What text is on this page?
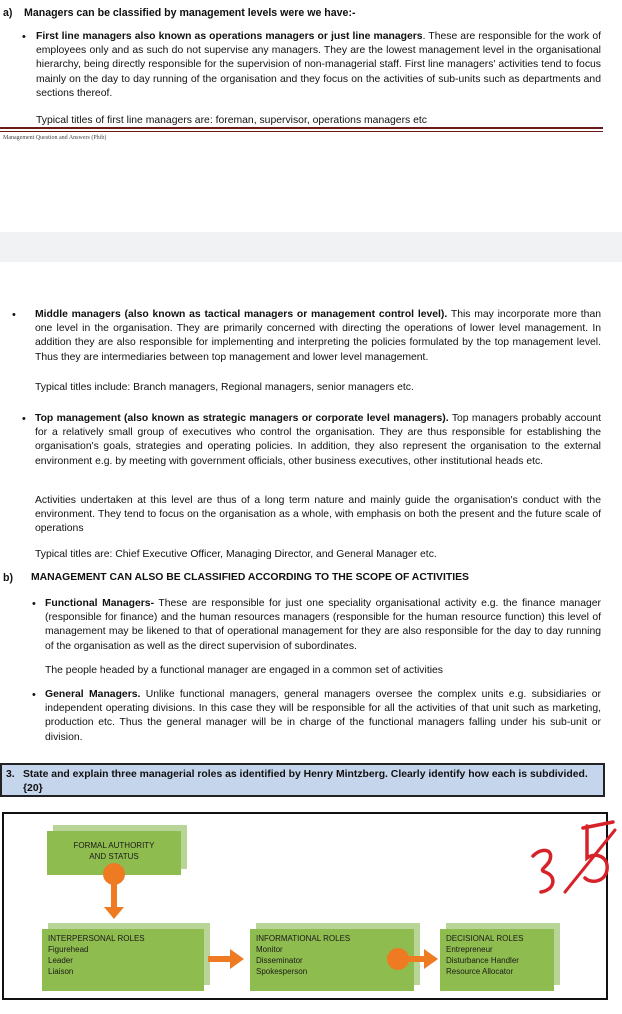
a) Managers can be classified by management levels were we have:-
• First line managers also known as operations managers or just line managers. These are responsible for the work of employees only and as such do not supervise any managers. They are the lowest management level in the organisational hierarchy, being directly responsible for the supervision of non-managerial staff. First line managers' activities tend to focus mainly on the day to day running of the organisation and they focus on the activities of sub-units such as departments and sections thereof.
Typical titles of first line managers are: foreman, supervisor, operations managers etc
Management Question and Answers (Phib)
• Middle managers (also known as tactical managers or management control level). This may incorporate more than one level in the organisation. They are primarily concerned with directing the operations of lower level management. In addition they are also responsible for implementing and interpreting the policies formulated by the top management level. Thus they are intermediaries between top management and lower level management.
Typical titles include: Branch managers, Regional managers, senior managers etc.
• Top management (also known as strategic managers or corporate level managers). Top managers probably account for a relatively small group of executives who control the organisation. They are thus responsible for establishing the organisation's goals, strategies and operating policies. In addition, they also represent the organisation to the external environment e.g. by meeting with government officials, other business executives, other institutional heads etc.
Activities undertaken at this level are thus of a long term nature and mainly guide the organisation's conduct with the environment. They tend to focus on the organisation as a whole, with emphasis on both the present and the future scale of operations
Typical titles are: Chief Executive Officer, Managing Director, and General Manager etc.
b) MANAGEMENT CAN ALSO BE CLASSIFIED ACCORDING TO THE SCOPE OF ACTIVITIES
• Functional Managers- These are responsible for just one speciality organisational activity e.g. the finance manager (responsible for finance) and the human resources managers (responsible for the human resource function) this level of management may be likened to that of operational management for they are also responsible for the day to day running of the organisation as well as the direct supervision of subordinates.
The people headed by a functional manager are engaged in a common set of activities
• General Managers. Unlike functional managers, general managers oversee the complex units e.g. subsidiaries or independent operating divisions. In this case they will be responsible for all the activities of that unit such as marketing, production etc. Thus the general manager will be in charge of the functional managers falling under his sub-unit or division.
3. State and explain three managerial roles as identified by Henry Mintzberg. Clearly identify how each is subdivided.
{20}
FORMAL AUTHORITY
AND STATUS
INTERPERSONAL ROLES
Figurehead
Leader
Liaison
INFORMATIONAL ROLES
Monitor
Disseminator
Spokesperson
DECISIONAL ROLES
Entrepreneur
Disturbance Handler
Resource Allocator
